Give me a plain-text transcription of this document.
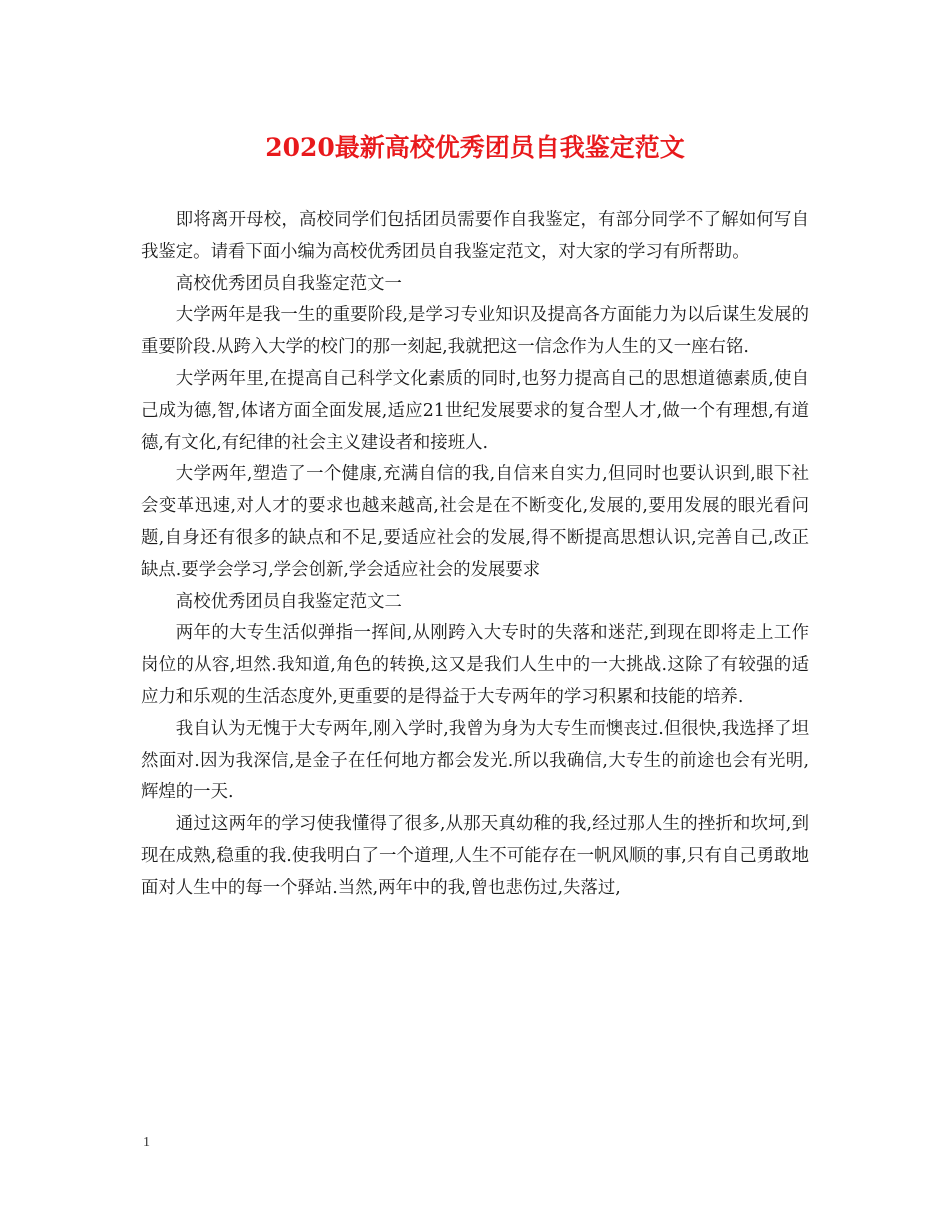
2020最新高校优秀团员自我鉴定范文

即将离开母校，高校同学们包括团员需要作自我鉴定，有部分同学不了解如何写自我鉴定。请看下面小编为高校优秀团员自我鉴定范文，对大家的学习有所帮助。

高校优秀团员自我鉴定范文一

大学两年是我一生的重要阶段,是学习专业知识及提高各方面能力为以后谋生发展的重要阶段.从跨入大学的校门的那一刻起,我就把这一信念作为人生的又一座右铭.

大学两年里,在提高自己科学文化素质的同时,也努力提高自己的思想道德素质,使自己成为德,智,体诸方面全面发展,适应21世纪发展要求的复合型人才,做一个有理想,有道德,有文化,有纪律的社会主义建设者和接班人.

大学两年,塑造了一个健康,充满自信的我,自信来自实力,但同时也要认识到,眼下社会变革迅速,对人才的要求也越来越高,社会是在不断变化,发展的,要用发展的眼光看问题,自身还有很多的缺点和不足,要适应社会的发展,得不断提高思想认识,完善自己,改正缺点.要学会学习,学会创新,学会适应社会的发展要求

高校优秀团员自我鉴定范文二

两年的大专生活似弹指一挥间,从刚跨入大专时的失落和迷茫,到现在即将走上工作岗位的从容,坦然.我知道,角色的转换,这又是我们人生中的一大挑战.这除了有较强的适应力和乐观的生活态度外,更重要的是得益于大专两年的学习积累和技能的培养.

我自认为无愧于大专两年,刚入学时,我曾为身为大专生而懊丧过.但很快,我选择了坦然面对.因为我深信,是金子在任何地方都会发光.所以我确信,大专生的前途也会有光明,辉煌的一天.

通过这两年的学习使我懂得了很多,从那天真幼稚的我,经过那人生的挫折和坎坷,到现在成熟,稳重的我.使我明白了一个道理,人生不可能存在一帆风顺的事,只有自己勇敢地面对人生中的每一个驿站.当然,两年中的我,曾也悲伤过,失落过,

1
